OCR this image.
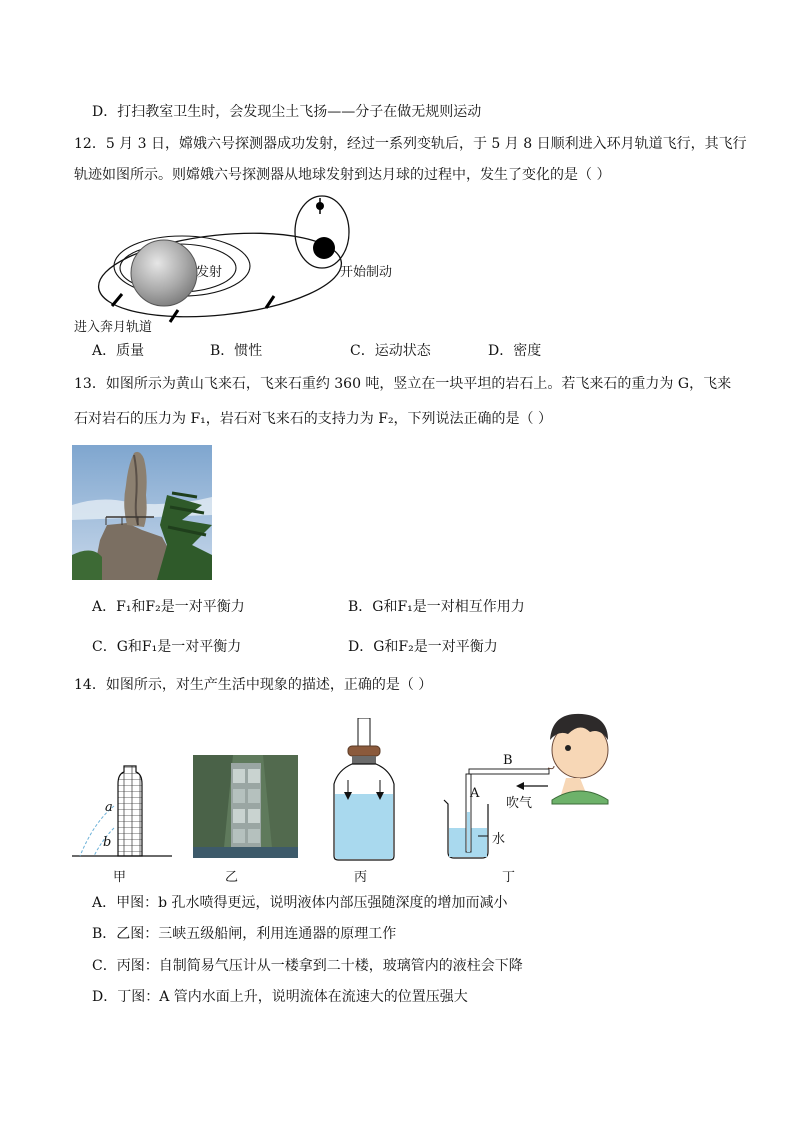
D．打扫教室卫生时，会发现尘土飞扬——分子在做无规则运动
12．5 月 3 日，嫦娥六号探测器成功发射，经过一系列变轨后，于 5 月 8 日顺利进入环月轨道飞行，其飞行
轨迹如图所示。则嫦娥六号探测器从地球发射到达月球的过程中，发生了变化的是（ ）
发射	开始制动
进入奔月轨道
A．质量	B．惯性	C．运动状态	D．密度
13．如图所示为黄山飞来石，飞来石重约 360 吨，竖立在一块平坦的岩石上。若飞来石的重力为 G，飞来
石对岩石的压力为 F₁，岩石对飞来石的支持力为 F₂，下列说法正确的是（ ）
A．F₁和F₂是一对平衡力	B．G和F₁是一对相互作用力
C．G和F₁是一对平衡力	D．G和F₂是一对平衡力
14．如图所示，对生产生活中现象的描述，正确的是（ ）
a
b
B
A
吹气
水
甲	乙	丙	丁
A．甲图：b 孔水喷得更远，说明液体内部压强随深度的增加而减小
B．乙图：三峡五级船闸，利用连通器的原理工作
C．丙图：自制简易气压计从一楼拿到二十楼，玻璃管内的液柱会下降
D．丁图：A 管内水面上升，说明流体在流速大的位置压强大
